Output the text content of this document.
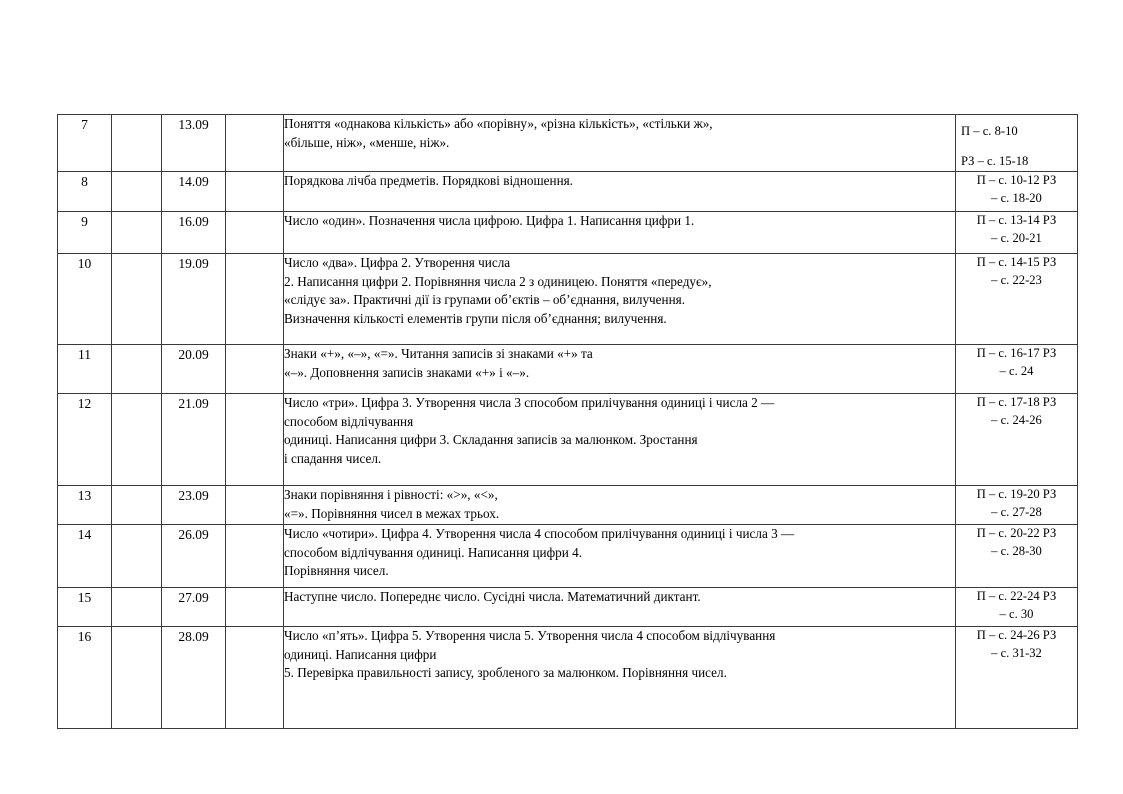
7		13.09		Поняття «однакова кількість» або «порівну», «різна кількість», «стільки ж»,
«більше, ніж», «менше, ніж».	П – с. 8-10
РЗ – с. 15-18

8		14.09		Порядкова лічба предметів. Порядкові відношення.	П – с. 10-12 РЗ
– с. 18-20

9		16.09		Число «один». Позначення числа цифрою. Цифра 1. Написання цифри 1.	П – с. 13-14 РЗ
– с. 20-21

10		19.09		Число «два». Цифра 2. Утворення числа
2. Написання цифри 2. Порівняння числа 2 з одиницею. Поняття «передує»,
«слідує за». Практичні дії із групами об’єктів – об’єднання, вилучення.
Визначення кількості елементів групи після об’єднання; вилучення.	П – с. 14-15 РЗ
– с. 22-23

11		20.09		Знаки «+», «–», «=». Читання записів зі знаками «+» та
«–». Доповнення записів знаками «+» і «–».	П – с. 16-17 РЗ
– с. 24

12		21.09		Число «три». Цифра 3. Утворення числа 3 способом прилічування одиниці і числа 2 —
способом відлічування
одиниці. Написання цифри 3. Складання записів за малюнком. Зростання
і спадання чисел.	П – с. 17-18 РЗ
– с. 24-26

13		23.09		Знаки порівняння і рівності: «>», «<»,
«=». Порівняння чисел в межах трьох.	П – с. 19-20 РЗ
– с. 27-28

14		26.09		Число «чотири». Цифра 4. Утворення числа 4 способом прилічування одиниці і числа 3 —
способом відлічування одиниці. Написання цифри 4.
Порівняння чисел.	П – с. 20-22 РЗ
– с. 28-30

15		27.09		Наступне число. Попереднє число. Сусідні числа. Математичний диктант.	П – с. 22-24 РЗ
– с. 30

16		28.09		Число «п’ять». Цифра 5. Утворення числа 5. Утворення числа 4 способом відлічування
одиниці. Написання цифри
5. Перевірка правильності запису, зробленого за малюнком. Порівняння чисел.	П – с. 24-26 РЗ
– с. 31-32
